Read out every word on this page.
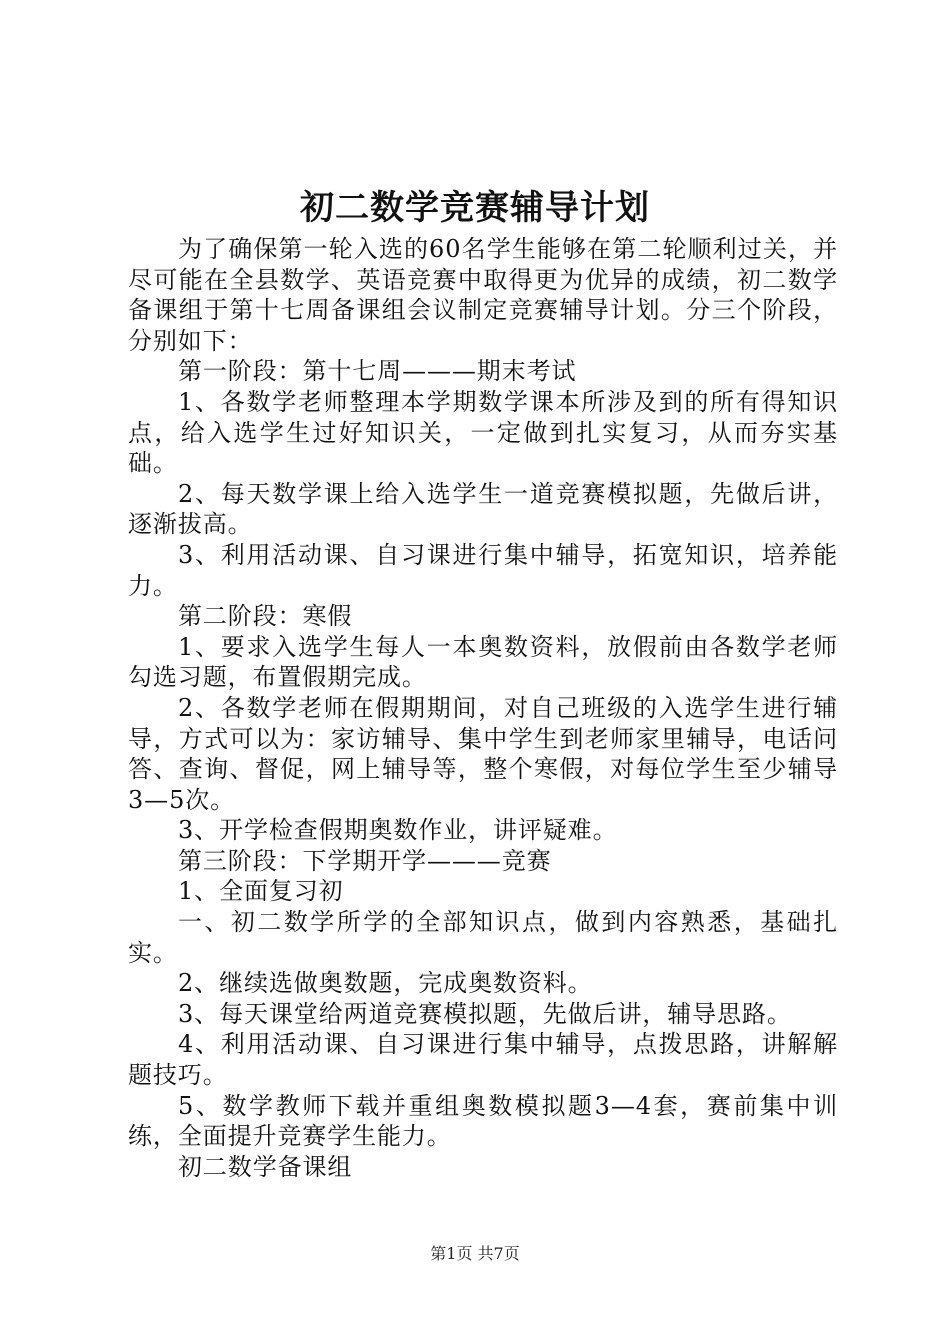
初二数学竞赛辅导计划

为了确保第一轮入选的60名学生能够在第二轮顺利过关，并尽可能在全县数学、英语竞赛中取得更为优异的成绩，初二数学备课组于第十七周备课组会议制定竞赛辅导计划。分三个阶段，分别如下：

第一阶段：第十七周———期末考试

1、各数学老师整理本学期数学课本所涉及到的所有得知识点，给入选学生过好知识关，一定做到扎实复习，从而夯实基础。

2、每天数学课上给入选学生一道竞赛模拟题，先做后讲，逐渐拔高。

3、利用活动课、自习课进行集中辅导，拓宽知识，培养能力。

第二阶段：寒假

1、要求入选学生每人一本奥数资料，放假前由各数学老师勾选习题，布置假期完成。

2、各数学老师在假期期间，对自己班级的入选学生进行辅导，方式可以为：家访辅导、集中学生到老师家里辅导，电话问答、查询、督促，网上辅导等，整个寒假，对每位学生至少辅导3—5次。

3、开学检查假期奥数作业，讲评疑难。

第三阶段：下学期开学———竞赛

1、全面复习初

一、初二数学所学的全部知识点，做到内容熟悉，基础扎实。

2、继续选做奥数题，完成奥数资料。

3、每天课堂给两道竞赛模拟题，先做后讲，辅导思路。

4、利用活动课、自习课进行集中辅导，点拨思路，讲解解题技巧。

5、数学教师下载并重组奥数模拟题3—4套，赛前集中训练，全面提升竞赛学生能力。

初二数学备课组

第1页 共7页
